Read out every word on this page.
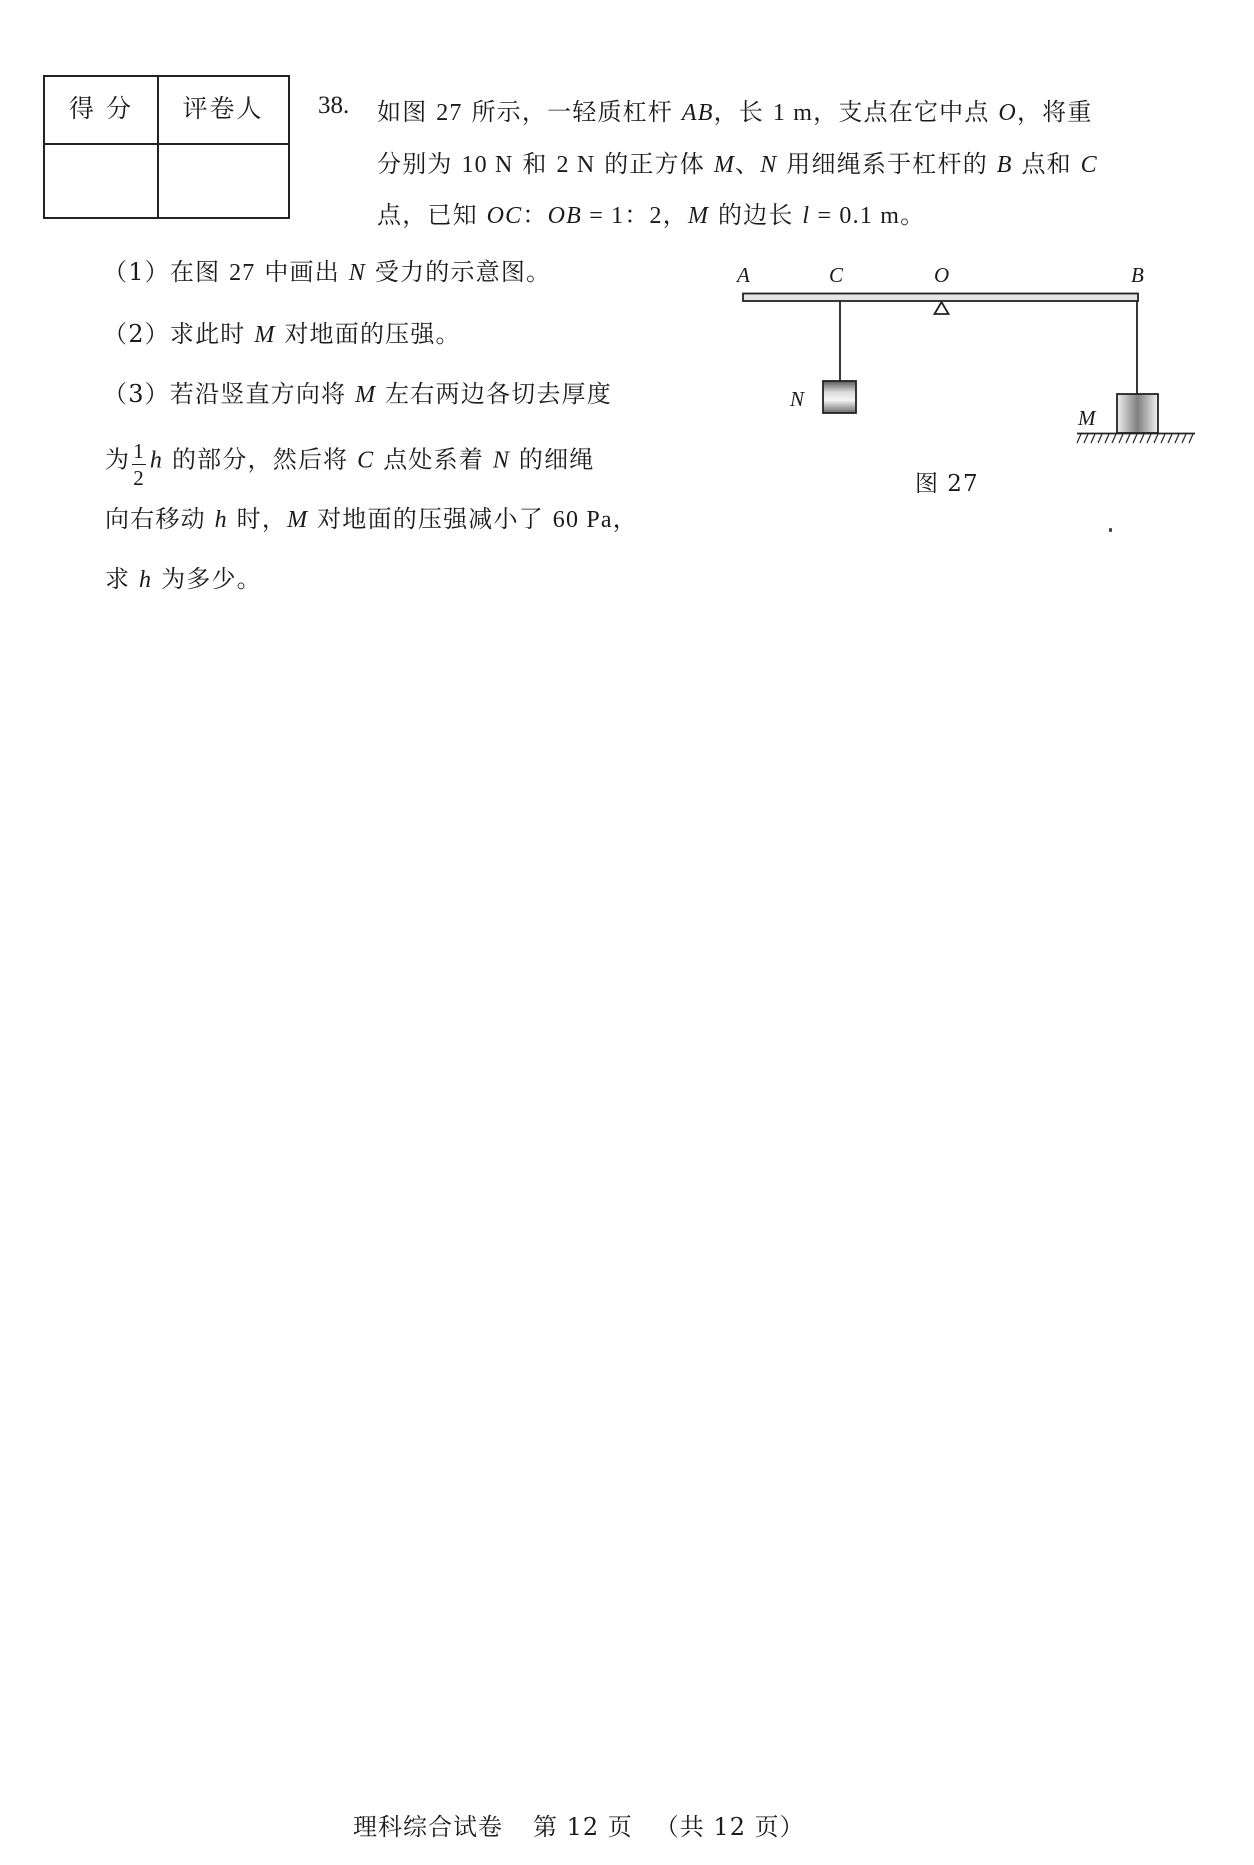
得 分	评卷人	38. 如图 27 所示，一轻质杠杆 AB，长 1 m，支点在它中点 O，将重
分别为 10 N 和 2 N 的正方体 M、N 用细绳系于杠杆的 B 点和 C
点，已知 OC：OB = 1：2，M 的边长 l = 0.1 m。
（1）在图 27 中画出 N 受力的示意图。
（2）求此时 M 对地面的压强。
（3）若沿竖直方向将 M 左右两边各切去厚度
为 $\frac{1}{2}$ h 的部分，然后将 C 点处系着 N 的细绳
向右移动 h 时，M 对地面的压强减小了 60 Pa，
求 h 为多少。
A	C	O	B
N
M
图 27
理科综合试卷 第 12 页 （共 12 页）
